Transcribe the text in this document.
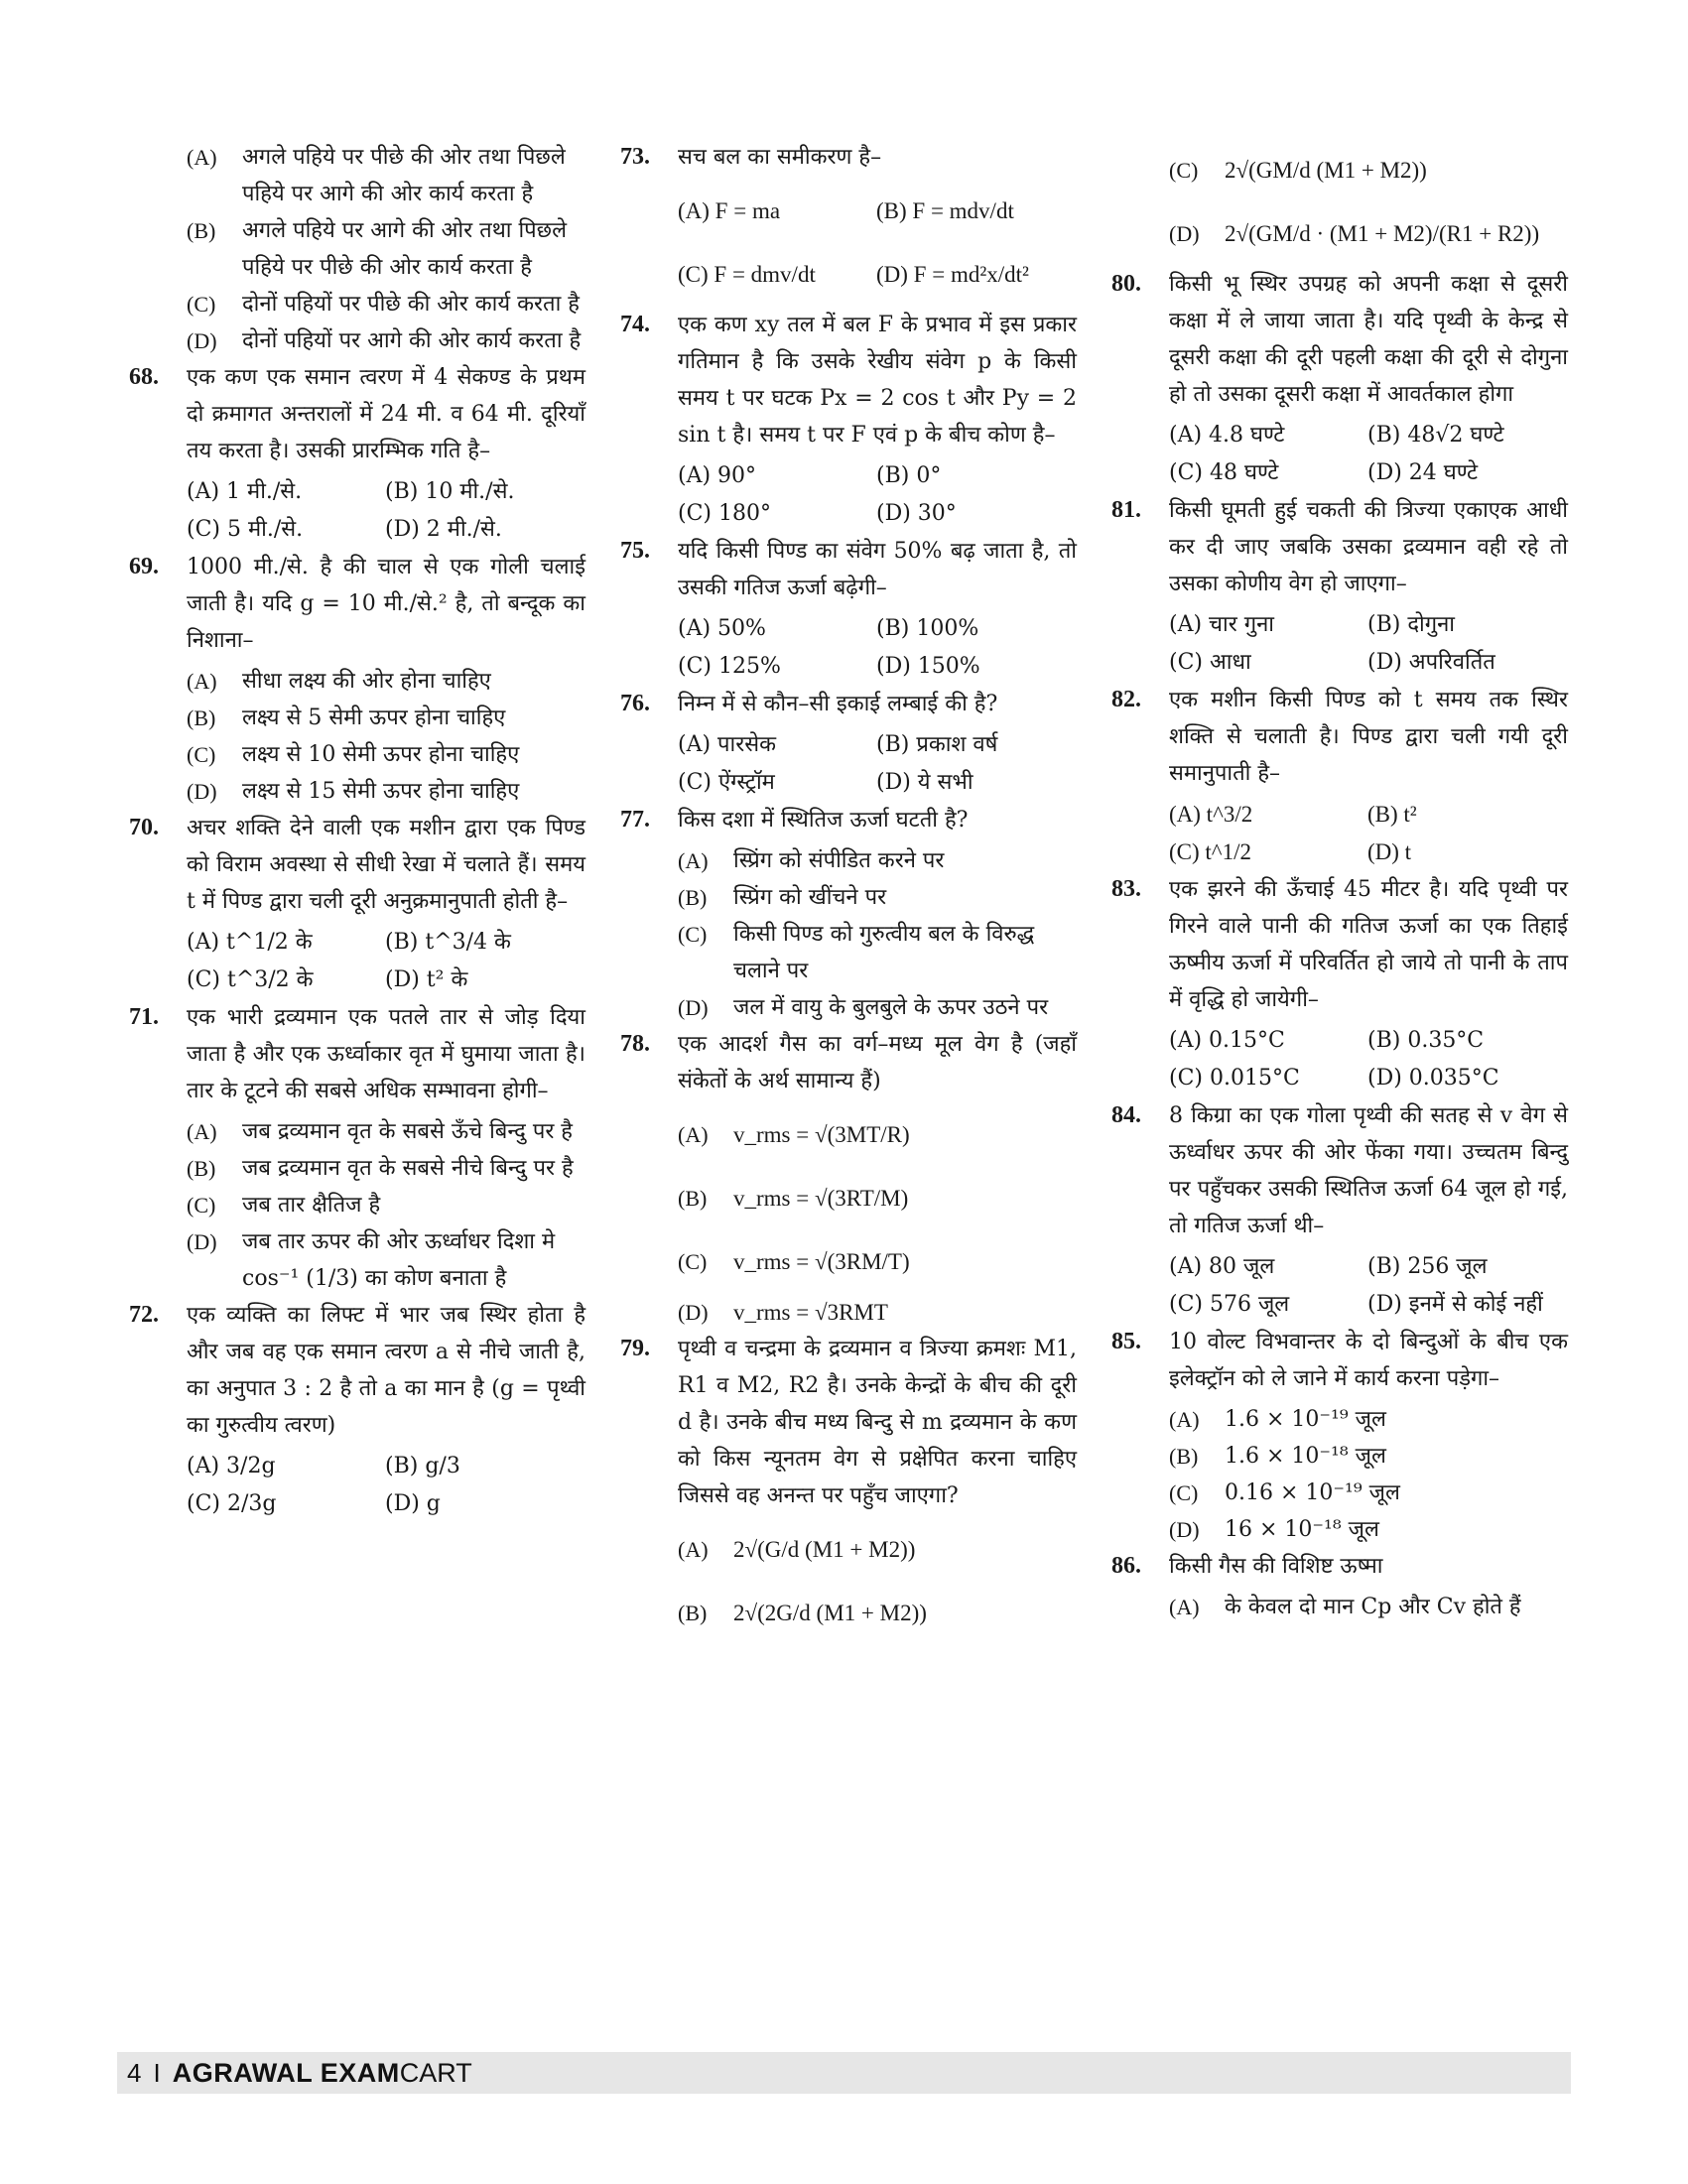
(A)	अगले पहिये पर पीछे की ओर तथा पिछले पहिये पर आगे की ओर कार्य करता है
(B)	अगले पहिये पर आगे की ओर तथा पिछले पहिये पर पीछे की ओर कार्य करता है
(C)	दोनों पहियों पर पीछे की ओर कार्य करता है
(D)	दोनों पहियों पर आगे की ओर कार्य करता है
68.	एक कण एक समान त्वरण में 4 सेकण्ड के प्रथम दो क्रमागत अन्तरालों में 24 मी. व 64 मी. दूरियाँ तय करता है। उसकी प्रारम्भिक गति है–
(A) 1 मी./से.	(B) 10 मी./से.
(C) 5 मी./से.	(D) 2 मी./से.
69.	1000 मी./से. है की चाल से एक गोली चलाई जाती है। यदि g = 10 मी./से.² है, तो बन्दूक का निशाना–
(A)	सीधा लक्ष्य की ओर होना चाहिए
(B)	लक्ष्य से 5 सेमी ऊपर होना चाहिए
(C)	लक्ष्य से 10 सेमी ऊपर होना चाहिए
(D)	लक्ष्य से 15 सेमी ऊपर होना चाहिए
70.	अचर शक्ति देने वाली एक मशीन द्वारा एक पिण्ड को विराम अवस्था से सीधी रेखा में चलाते हैं। समय t में पिण्ड द्वारा चली दूरी अनुक्रमानुपाती होती है–
(A) t^1/2 के	(B) t^3/4 के
(C) t^3/2 के	(D) t² के
71.	एक भारी द्रव्यमान एक पतले तार से जोड़ दिया जाता है और एक ऊर्ध्वाकार वृत में घुमाया जाता है। तार के टूटने की सबसे अधिक सम्भावना होगी–
(A)	जब द्रव्यमान वृत के सबसे ऊँचे बिन्दु पर है
(B)	जब द्रव्यमान वृत के सबसे नीचे बिन्दु पर है
(C)	जब तार क्षैतिज है
(D)	जब तार ऊपर की ओर ऊर्ध्वाधर दिशा मे cos⁻¹ (1/3) का कोण बनाता है
72.	एक व्यक्ति का लिफ्ट में भार जब स्थिर होता है और जब वह एक समान त्वरण a से नीचे जाती है, का अनुपात 3 : 2 है तो a का मान है (g = पृथ्वी का गुरुत्वीय त्वरण)
(A) 3/2g	(B) g/3
(C) 2/3g	(D) g
73.	सच बल का समीकरण है–
(A) F = ma	(B) F = mdv/dt
(C) F = dmv/dt	(D) F = md²x/dt²
74.	एक कण xy तल में बल F के प्रभाव में इस प्रकार गतिमान है कि उसके रेखीय संवेग p के किसी समय t पर घटक Px = 2 cos t और Py = 2 sin t है। समय t पर F एवं p के बीच कोण है–
(A) 90°	(B) 0°
(C) 180°	(D) 30°
75.	यदि किसी पिण्ड का संवेग 50% बढ़ जाता है, तो उसकी गतिज ऊर्जा बढ़ेगी–
(A) 50%	(B) 100%
(C) 125%	(D) 150%
76.	निम्न में से कौन–सी इकाई लम्बाई की है?
(A) पारसेक	(B) प्रकाश वर्ष
(C) ऐंग्स्ट्रॉम	(D) ये सभी
77.	किस दशा में स्थितिज ऊर्जा घटती है?
(A)	स्प्रिंग को संपीडित करने पर
(B)	स्प्रिंग को खींचने पर
(C)	किसी पिण्ड को गुरुत्वीय बल के विरुद्ध चलाने पर
(D)	जल में वायु के बुलबुले के ऊपर उठने पर
78.	एक आदर्श गैस का वर्ग–मध्य मूल वेग है (जहाँ संकेतों के अर्थ सामान्य हैं)
(A)	v_rms = √(3MT/R)
(B)	v_rms = √(3RT/M)
(C)	v_rms = √(3RM/T)
(D)	v_rms = √3RMT
79.	पृथ्वी व चन्द्रमा के द्रव्यमान व त्रिज्या क्रमशः M1, R1 व M2, R2 है। उनके केन्द्रों के बीच की दूरी d है। उनके बीच मध्य बिन्दु से m द्रव्यमान के कण को किस न्यूनतम वेग से प्रक्षेपित करना चाहिए जिससे वह अनन्त पर पहुँच जाएगा?
(A)	2√(G/d (M1 + M2))
(B)	2√(2G/d (M1 + M2))
(C)	2√(GM/d (M1 + M2))
(D)	2√(GM/d · (M1 + M2)/(R1 + R2))
80.	किसी भू स्थिर उपग्रह को अपनी कक्षा से दूसरी कक्षा में ले जाया जाता है। यदि पृथ्वी के केन्द्र से दूसरी कक्षा की दूरी पहली कक्षा की दूरी से दोगुना हो तो उसका दूसरी कक्षा में आवर्तकाल होगा
(A) 4.8 घण्टे	(B) 48√2 घण्टे
(C) 48 घण्टे	(D) 24 घण्टे
81.	किसी घूमती हुई चकती की त्रिज्या एकाएक आधी कर दी जाए जबकि उसका द्रव्यमान वही रहे तो उसका कोणीय वेग हो जाएगा–
(A) चार गुना	(B) दोगुना
(C) आधा	(D) अपरिवर्तित
82.	एक मशीन किसी पिण्ड को t समय तक स्थिर शक्ति से चलाती है। पिण्ड द्वारा चली गयी दूरी समानुपाती है–
(A) t^3/2	(B) t²
(C) t^1/2	(D) t
83.	एक झरने की ऊँचाई 45 मीटर है। यदि पृथ्वी पर गिरने वाले पानी की गतिज ऊर्जा का एक तिहाई ऊष्मीय ऊर्जा में परिवर्तित हो जाये तो पानी के ताप में वृद्धि हो जायेगी–
(A) 0.15°C	(B) 0.35°C
(C) 0.015°C	(D) 0.035°C
84.	8 किग्रा का एक गोला पृथ्वी की सतह से v वेग से ऊर्ध्वाधर ऊपर की ओर फेंका गया। उच्चतम बिन्दु पर पहुँचकर उसकी स्थितिज ऊर्जा 64 जूल हो गई, तो गतिज ऊर्जा थी–
(A) 80 जूल	(B) 256 जूल
(C) 576 जूल	(D) इनमें से कोई नहीं
85.	10 वोल्ट विभवान्तर के दो बिन्दुओं के बीच एक इलेक्ट्रॉन को ले जाने में कार्य करना पड़ेगा–
(A)	1.6 × 10⁻¹⁹ जूल
(B)	1.6 × 10⁻¹⁸ जूल
(C)	0.16 × 10⁻¹⁹ जूल
(D)	16 × 10⁻¹⁸ जूल
86.	किसी गैस की विशिष्ट ऊष्मा
(A)	के केवल दो मान Cp और Cv होते हैं
4 I AGRAWAL EXAM CART
